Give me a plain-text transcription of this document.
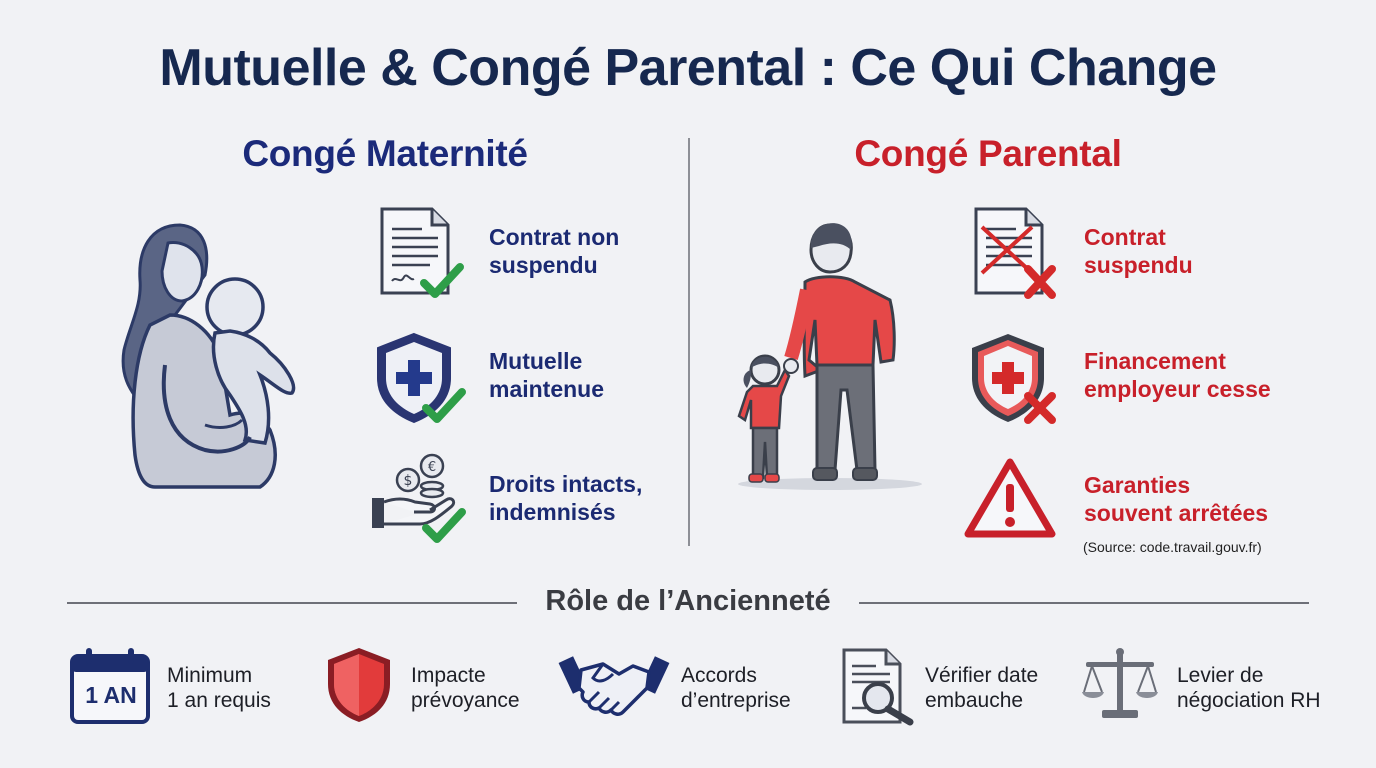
Mutuelle & Congé Parental : Ce Qui Change
Congé Maternité	Congé Parental
Contrat non
suspendu
Mutuelle
maintenue
$
€
Droits intacts,
indemnisés
Contrat
suspendu
Financement
employeur cesse
Garanties
souvent arrêtées
(Source: code.travail.gouv.fr)
Rôle de l’Ancienneté
1 AN
Minimum
1 an requis
Impacte
prévoyance
Accords
d’entreprise
Vérifier date
embauche
Levier de
négociation RH
